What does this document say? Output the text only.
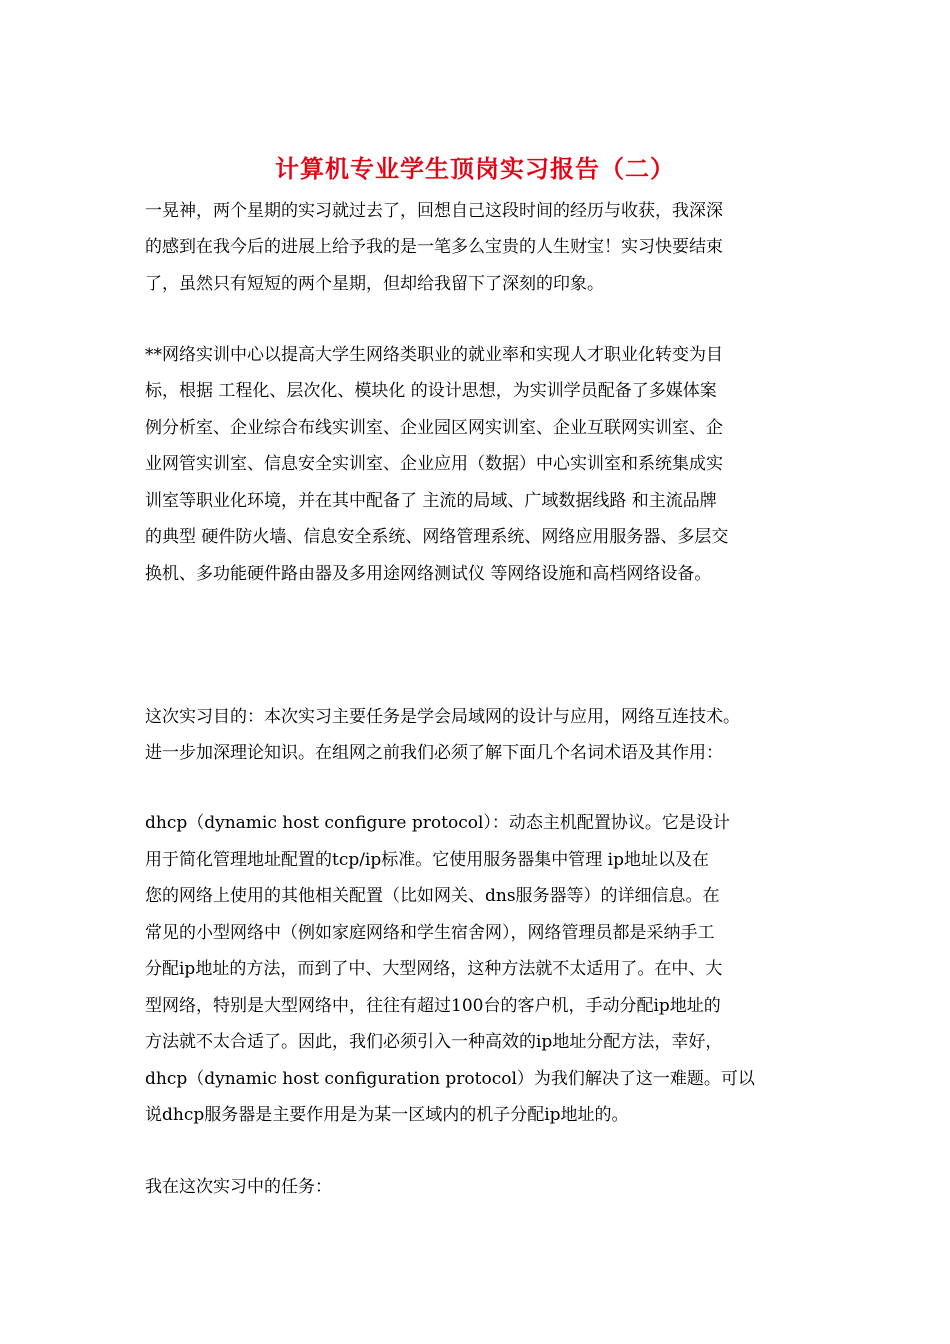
计算机专业学生顶岗实习报告（二）
一晃神，两个星期的实习就过去了，回想自己这段时间的经历与收获，我深深
的感到在我今后的进展上给予我的是一笔多么宝贵的人生财宝！实习快要结束
了，虽然只有短短的两个星期，但却给我留下了深刻的印象。
**网络实训中心以提高大学生网络类职业的就业率和实现人才职业化转变为目
标，根据 工程化、层次化、模块化 的设计思想，为实训学员配备了多媒体案
例分析室、企业综合布线实训室、企业园区网实训室、企业互联网实训室、企
业网管实训室、信息安全实训室、企业应用（数据）中心实训室和系统集成实
训室等职业化环境，并在其中配备了 主流的局域、广域数据线路 和主流品牌
的典型 硬件防火墙、信息安全系统、网络管理系统、网络应用服务器、多层交
换机、多功能硬件路由器及多用途网络测试仪 等网络设施和高档网络设备。
这次实习目的：本次实习主要任务是学会局域网的设计与应用，网络互连技术。
进一步加深理论知识。在组网之前我们必须了解下面几个名词术语及其作用：
dhcp（dynamic host configure protocol）：动态主机配置协议。它是设计
用于简化管理地址配置的tcp/ip标准。它使用服务器集中管理 ip地址以及在
您的网络上使用的其他相关配置（比如网关、dns服务器等）的详细信息。在
常见的小型网络中（例如家庭网络和学生宿舍网），网络管理员都是采纳手工
分配ip地址的方法，而到了中、大型网络，这种方法就不太适用了。在中、大
型网络，特别是大型网络中，往往有超过100台的客户机，手动分配ip地址的
方法就不太合适了。因此，我们必须引入一种高效的ip地址分配方法，幸好，
dhcp（dynamic host configuration protocol）为我们解决了这一难题。可以
说dhcp服务器是主要作用是为某一区域内的机子分配ip地址的。
我在这次实习中的任务：
